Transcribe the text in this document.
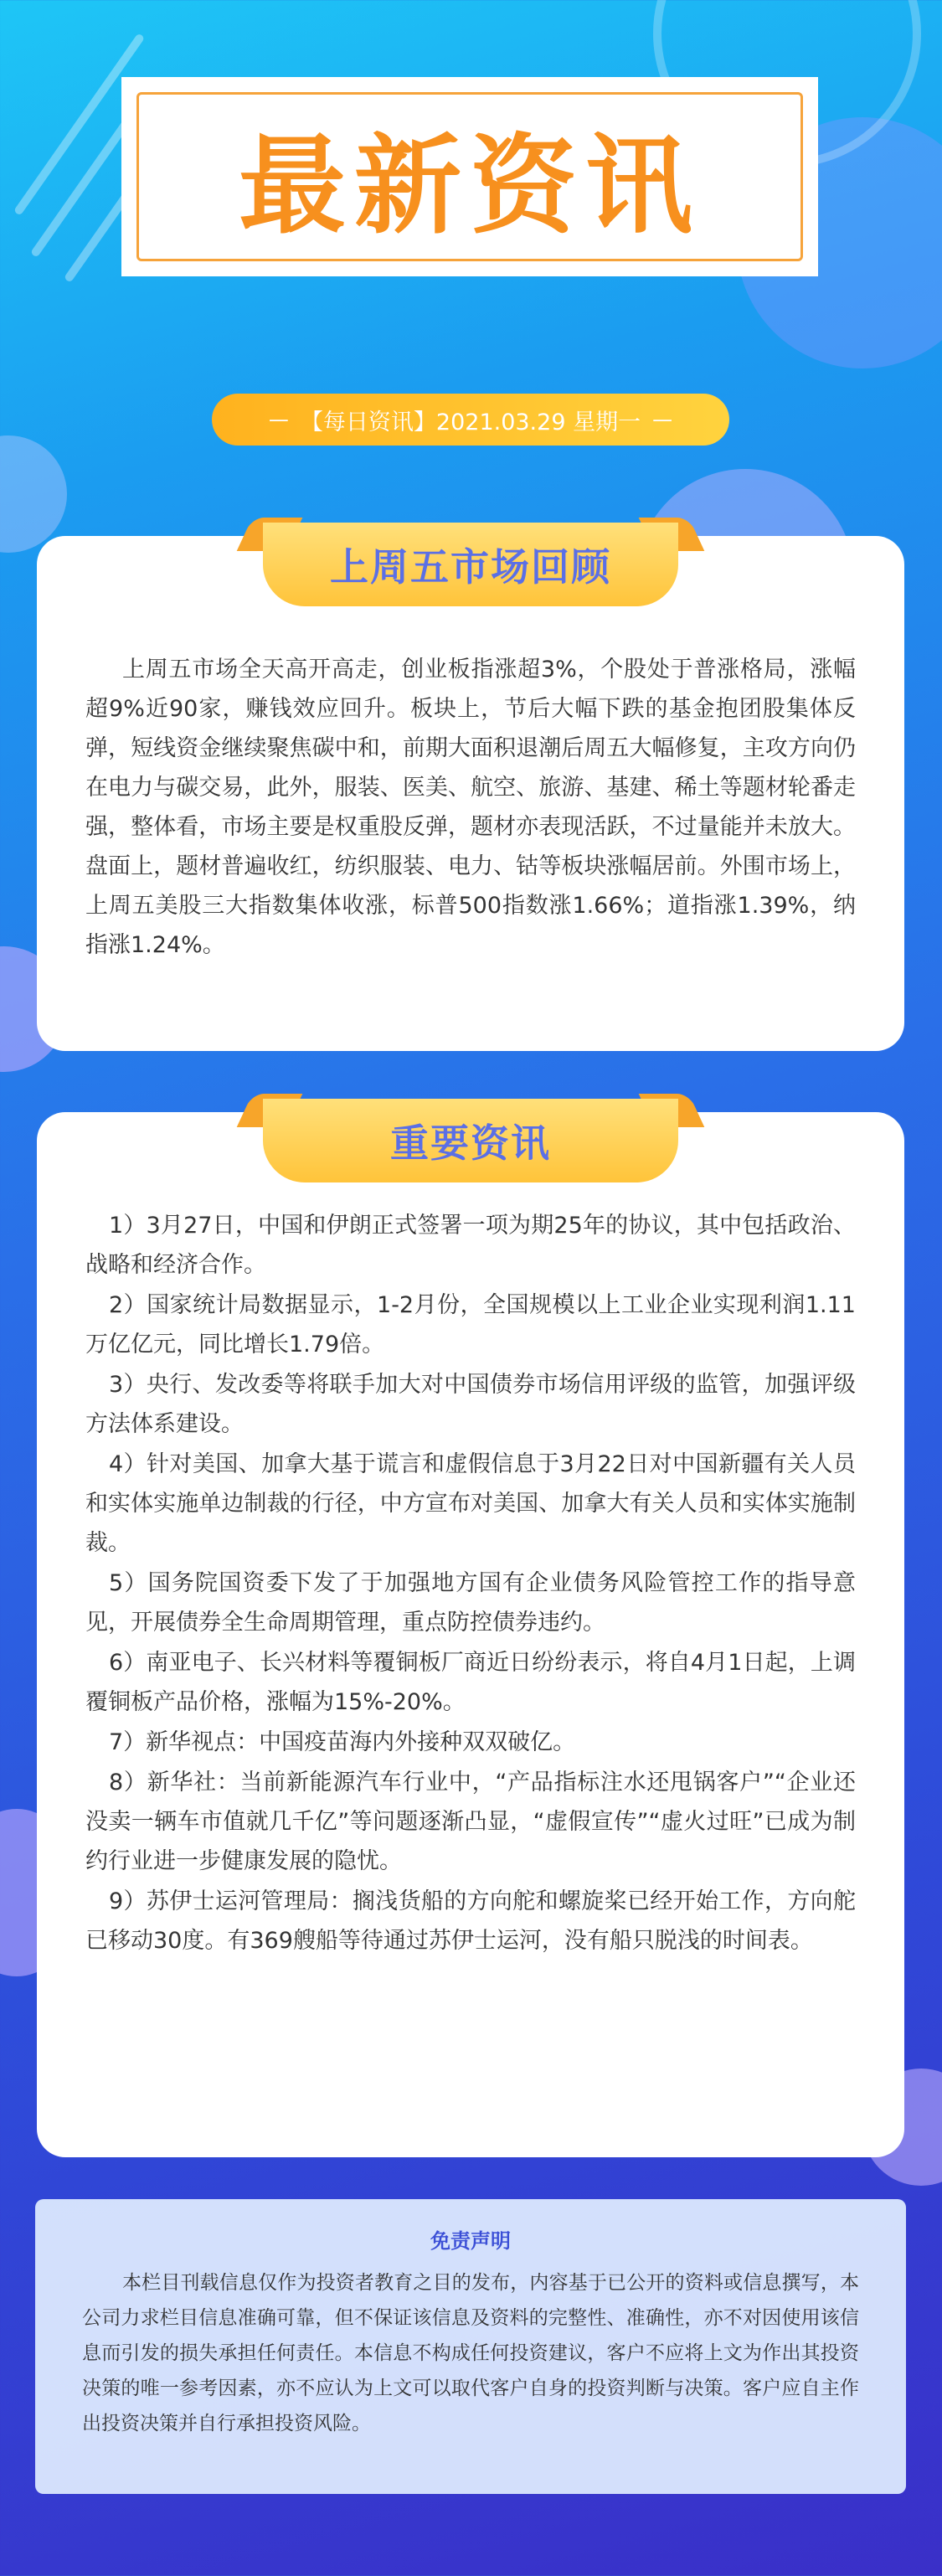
最新资讯
— 【每日资讯】2021.03.29 星期一 —
上周五市场回顾
上周五市场全天高开高走，创业板指涨超3%，个股处于普涨格局，涨幅超9%近90家，赚钱效应回升。板块上，节后大幅下跌的基金抱团股集体反弹，短线资金继续聚焦碳中和，前期大面积退潮后周五大幅修复，主攻方向仍在电力与碳交易，此外，服装、医美、航空、旅游、基建、稀土等题材轮番走强，整体看，市场主要是权重股反弹，题材亦表现活跃，不过量能并未放大。盘面上，题材普遍收红，纺织服装、电力、钴等板块涨幅居前。外围市场上，上周五美股三大指数集体收涨，标普500指数涨1.66%；道指涨1.39%，纳指涨1.24%。
重要资讯

1）3月27日，中国和伊朗正式签署一项为期25年的协议，其中包括政治、战略和经济合作。

2）国家统计局数据显示，1-2月份，全国规模以上工业企业实现利润1.11万亿亿元，同比增长1.79倍。

3）央行、发改委等将联手加大对中国债券市场信用评级的监管，加强评级方法体系建设。

4）针对美国、加拿大基于谎言和虚假信息于3月22日对中国新疆有关人员和实体实施单边制裁的行径，中方宣布对美国、加拿大有关人员和实体实施制裁。

5）国务院国资委下发了于加强地方国有企业债务风险管控工作的指导意见，开展债券全生命周期管理，重点防控债券违约。

6）南亚电子、长兴材料等覆铜板厂商近日纷纷表示，将自4月1日起，上调覆铜板产品价格，涨幅为15%-20%。

7）新华视点：中国疫苗海内外接种双双破亿。

8）新华社：当前新能源汽车行业中，“产品指标注水还甩锅客户”“企业还没卖一辆车市值就几千亿”等问题逐渐凸显，“虚假宣传”“虚火过旺”已成为制约行业进一步健康发展的隐忧。

9）苏伊士运河管理局：搁浅货船的方向舵和螺旋桨已经开始工作，方向舵已移动30度。有369艘船等待通过苏伊士运河，没有船只脱浅的时间表。

免责声明
本栏目刊载信息仅作为投资者教育之目的发布，内容基于已公开的资料或信息撰写，本公司力求栏目信息准确可靠，但不保证该信息及资料的完整性、准确性，亦不对因使用该信息而引发的损失承担任何责任。本信息不构成任何投资建议，客户不应将上文为作出其投资决策的唯一参考因素，亦不应认为上文可以取代客户自身的投资判断与决策。客户应自主作出投资决策并自行承担投资风险。
